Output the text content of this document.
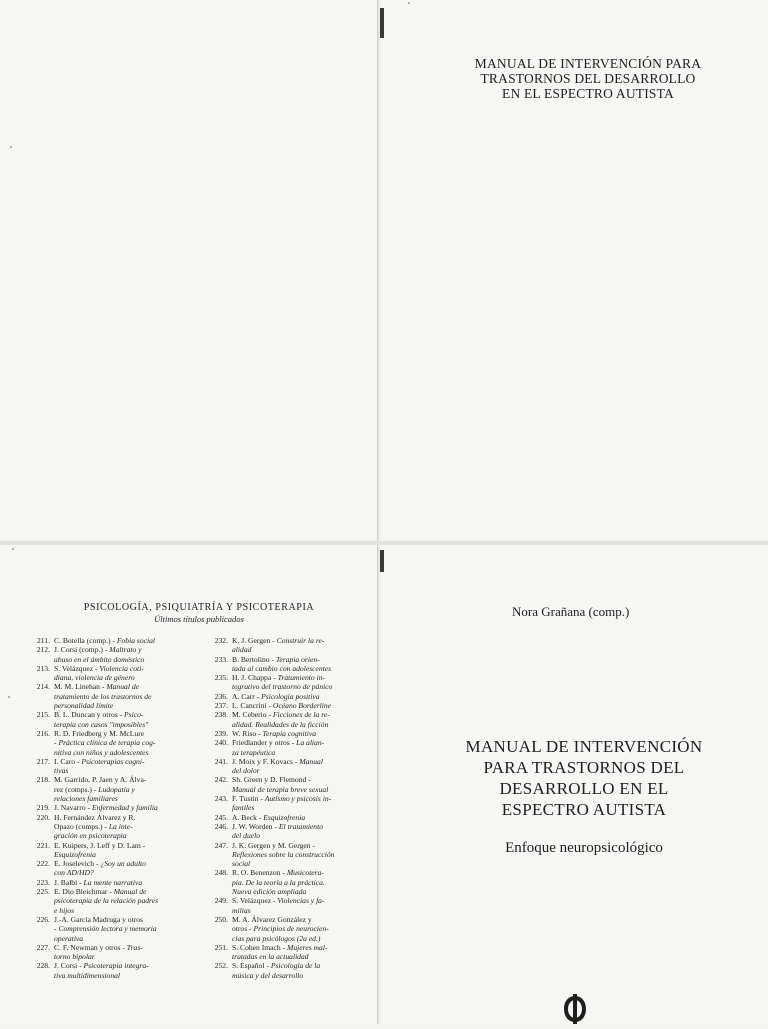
MANUAL DE INTERVENCIÓN PARA
TRASTORNOS DEL DESARROLLO
EN EL ESPECTRO AUTISTA
PSICOLOGÍA, PSIQUIATRÍA Y PSICOTERAPIA
Últimos títulos publicados
211. C. Botella (comp.) - Fobia social
212. J. Corsi (comp.) - Maltrato y
abuso en el ámbito doméstico
213. S. Velázquez - Violencia coti-
diana, violencia de género
214. M. M. Linehan - Manual de
tratamiento de los trastornos de
personalidad límite
215. B. L. Duncan y otros - Psico-
terapia con casos "imposibles"
216. R. D. Friedberg y M. McLure
- Práctica clínica de terapia cog-
nitiva con niños y adolescentes
217. I. Caro - Psicoterapias cogni-
tivas
218. M. Garrido, P. Jaen y A. Álva-
rez (comps.) - Ludopatía y
relaciones familiares
219. J. Navarro - Enfermedad y familia
220. H. Fernández Álvarez y R.
Opazo (comps.) - La inte-
gración en psicoterapia
221. E. Kuipers, J. Leff y D. Lam -
Esquizofrenia
222. E. Joselevich - ¿Soy un adulto
con AD/HD?
223. J. Balbi - La mente narrativa
225. E. Dio Bleichmar - Manual de
psicoterapia de la relación padres
e hijos
226. J.-A. García Madruga y otros
- Comprensión lectora y memoria
operativa
227. C. F. Newman y otros - Tras-
torno bipolar
228. J. Corsi - Psicoterapia integra-
tiva multidimensional
232. K. J. Gergen - Construir la re-
alidad
233. B. Bertolino - Terapia orien-
tada al cambio con adolescentes
235. H. J. Chappa - Tratamiento in-
tegrativo del trastorno de pánico
236. A. Carr - Psicología positiva
237. L. Cancrini - Océano Borderline
238. M. Ceberio - Ficciones de la re-
alidad. Realidades de la ficción
239. W. Riso - Terapia cognitiva
240. Friedlander y otros - La alian-
za terapéutica
241. J. Moix y F. Kovacs - Manual
del dolor
242. Sh. Green y D. Flemond -
Manual de terapia breve sexual
243. F. Tustin - Autismo y psicosis in-
fantiles
245. A. Beck - Esquizofrenia
246. J. W. Worden - El tratamiento
del duelo
247. J. K. Gergen y M. Gergen -
Reflexiones sobre la construcción
social
248. R. O. Benenzon - Musicotera-
pia. De la teoría a la práctica.
Nueva edición ampliada
249. S. Velázquez - Violencias y fa-
milias
250. M. A. Álvarez González y
otros - Principios de neurocien-
cias para psicólogos (2a ed.)
251. S. Cohen Imach - Mujeres mal-
tratadas en la actualidad
252. S. Español - Psicología de la
música y del desarrollo
Nora Grañana (comp.)
MANUAL DE INTERVENCIÓN
PARA TRASTORNOS DEL
DESARROLLO EN EL
ESPECTRO AUTISTA
Enfoque neuropsicológico
